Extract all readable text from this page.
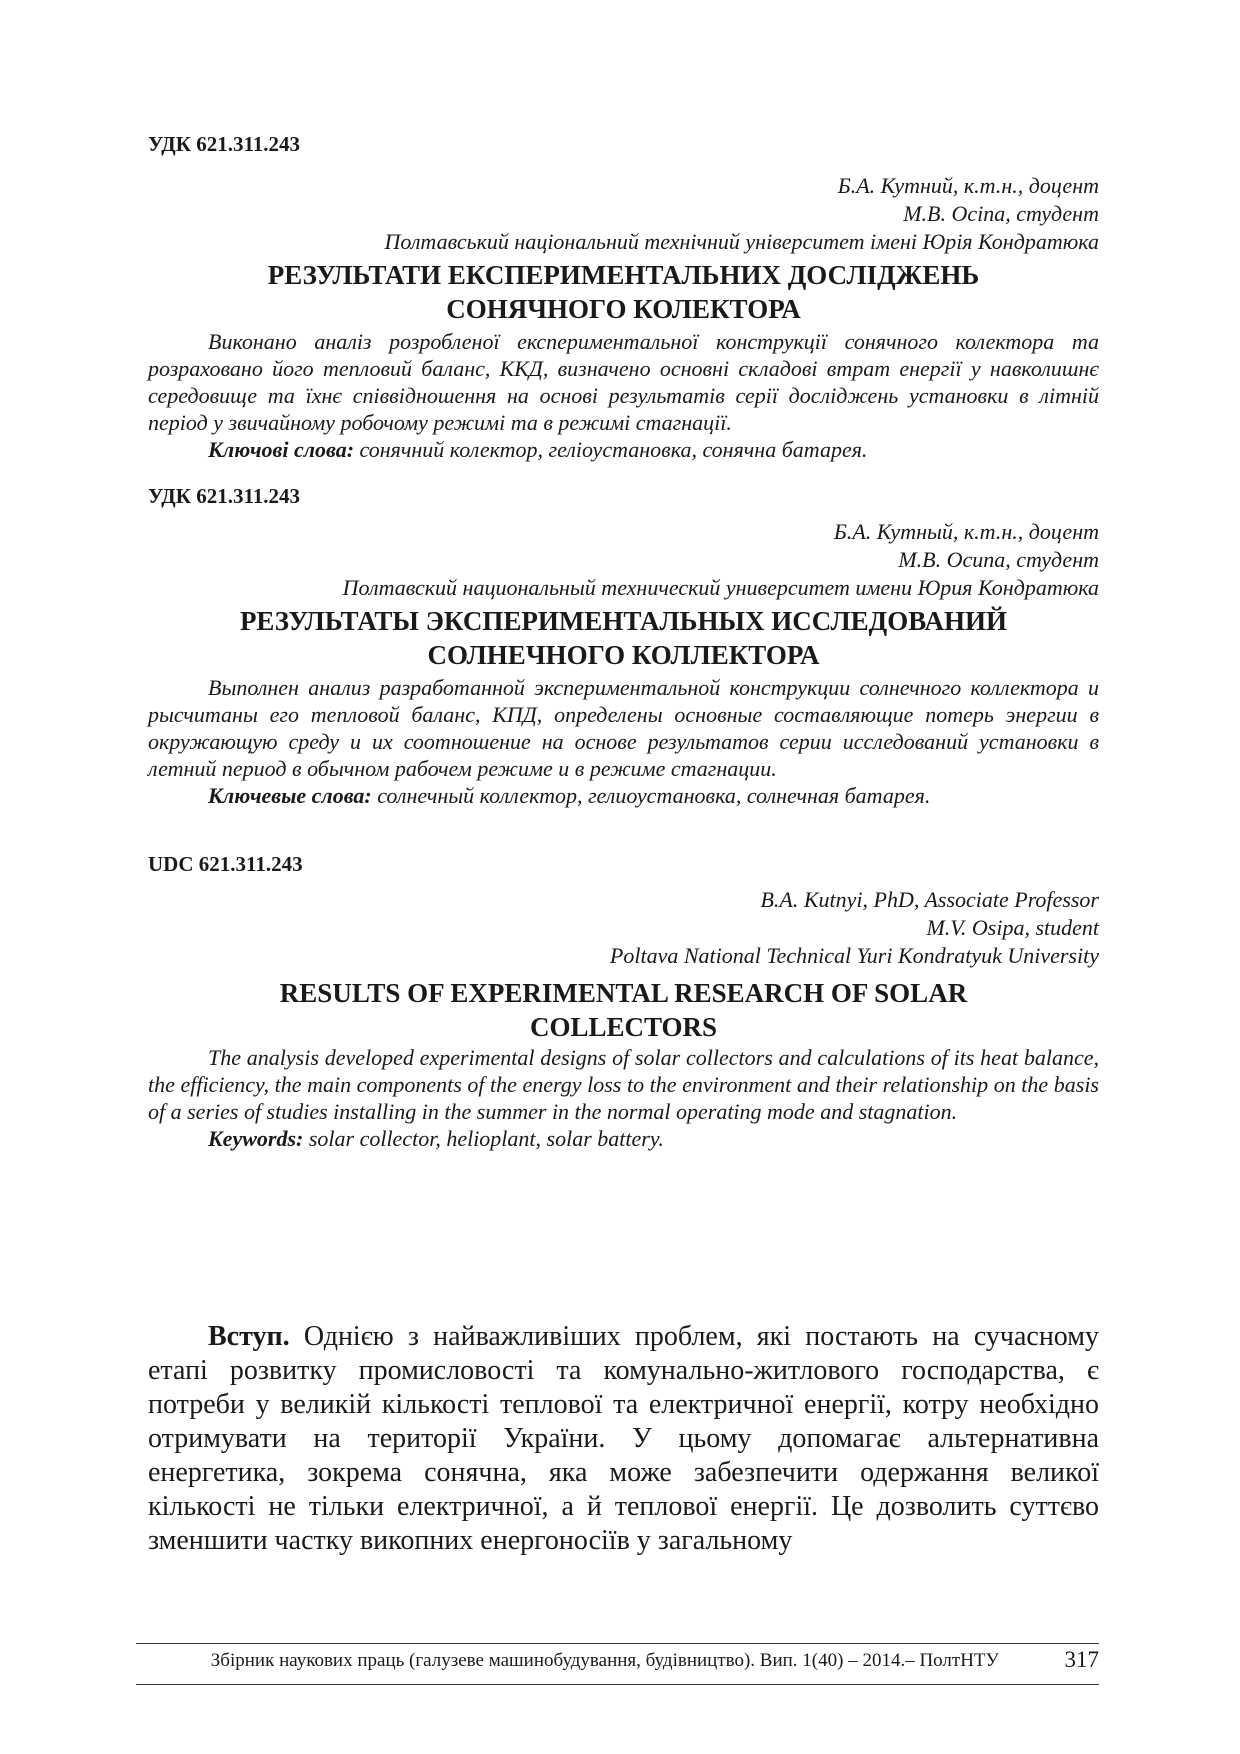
УДК 621.311.243
Б.А. Кутний, к.т.н., доцент
М.В. Осіпа, студент
Полтавський національний технічний університет імені Юрія Кондратюка
РЕЗУЛЬТАТИ ЕКСПЕРИМЕНТАЛЬНИХ ДОСЛІДЖЕНЬ
СОНЯЧНОГО КОЛЕКТОРА

Виконано аналіз розробленої експериментальної конструкції сонячного колектора та розраховано його тепловий баланс, ККД, визначено основні складові втрат енергії у навколишнє середовище та їхнє співвідношення на основі результатів серії досліджень установки в літній період у звичайному робочому режимі та в режимі стагнації.

Ключові слова: сонячний колектор, геліоустановка, сонячна батарея.

УДК 621.311.243
Б.А. Кутный, к.т.н., доцент
М.В. Осипа, студент
Полтавский национальный технический университет имени Юрия Кондратюка
РЕЗУЛЬТАТЫ ЭКСПЕРИМЕНТАЛЬНЫХ ИССЛЕДОВАНИЙ
СОЛНЕЧНОГО КОЛЛЕКТОРА

Выполнен анализ разработанной экспериментальной конструкции солнечного коллектора и рысчитаны его тепловой баланс, КПД, определены основные составляющие потерь энергии в окружающую среду и их соотношение на основе результатов серии исследований установки в летний период в обычном рабочем режиме и в режиме стагнации.

Ключевые слова: солнечный коллектор, гелиоустановка, солнечная батарея.

UDC 621.311.243
B.A. Kutnyi, PhD, Associate Professor
M.V. Osipa, student
Poltava National Technical Yuri Kondratyuk University
RESULTS OF EXPERIMENTAL RESEARCH OF SOLAR
COLLECTORS

The analysis developed experimental designs of solar collectors and calculations of its heat balance, the efficiency, the main components of the energy loss to the environment and their relationship on the basis of a series of studies installing in the summer in the normal operating mode and stagnation.

Keywords: solar collector, helioplant, solar battery.

Вступ. Однією з найважливіших проблем, які постають на сучасному етапі розвитку промисловості та комунально-житлового господарства, є потреби у великій кількості теплової та електричної енергії, котру необхідно отримувати на території України. У цьому допомагає альтернативна енергетика, зокрема сонячна, яка може забезпечити одержання великої кількості не тільки електричної, а й теплової енергії. Це дозволить суттєво зменшити частку викопних енергоносіїв у загальному

Збірник наукових праць (галузеве машинобудування, будівництво). Вип. 1(40) – 2014.– ПолтНТУ	317
